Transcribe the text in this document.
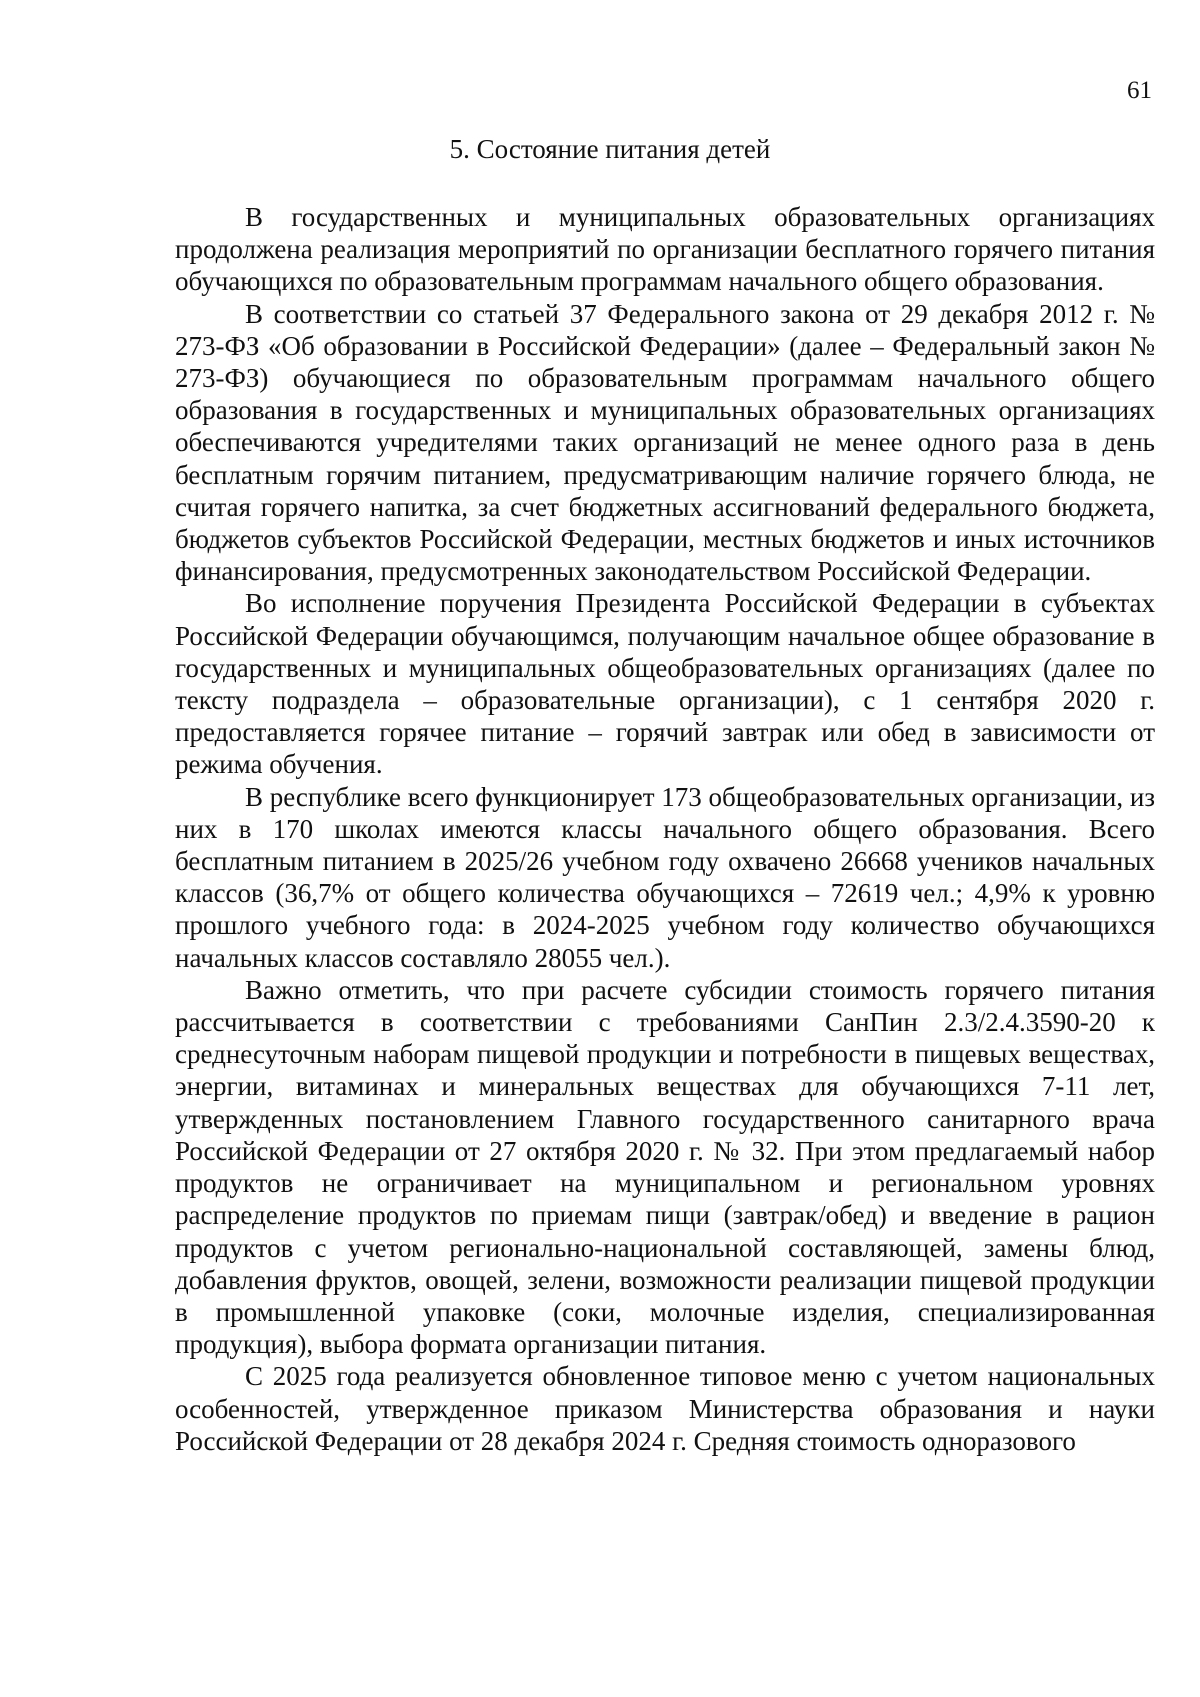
61
5. Состояние питания детей

В государственных и муниципальных образовательных организациях продолжена реализация мероприятий по организации бесплатного горячего питания обучающихся по образовательным программам начального общего образования.

В соответствии со статьей 37 Федерального закона от 29 декабря 2012 г. № 273-ФЗ «Об образовании в Российской Федерации» (далее – Федеральный закон № 273-ФЗ) обучающиеся по образовательным программам начального общего образования в государственных и муниципальных образовательных организациях обеспечиваются учредителями таких организаций не менее одного раза в день бесплатным горячим питанием, предусматривающим наличие горячего блюда, не считая горячего напитка, за счет бюджетных ассигнований федерального бюджета, бюджетов субъектов Российской Федерации, местных бюджетов и иных источников финансирования, предусмотренных законодательством Российской Федерации.

Во исполнение поручения Президента Российской Федерации в субъектах Российской Федерации обучающимся, получающим начальное общее образование в государственных и муниципальных общеобразовательных организациях (далее по тексту подраздела – образовательные организации), с 1 сентября 2020 г. предоставляется горячее питание – горячий завтрак или обед в зависимости от режима обучения.

В республике всего функционирует 173 общеобразовательных организации, из них в 170 школах имеются классы начального общего образования. Всего бесплатным питанием в 2025/26 учебном году охвачено 26668 учеников начальных классов (36,7% от общего количества обучающихся – 72619 чел.; 4,9% к уровню прошлого учебного года: в 2024-2025 учебном году количество обучающихся начальных классов составляло 28055 чел.).

Важно отметить, что при расчете субсидии стоимость горячего питания рассчитывается в соответствии с требованиями СанПин 2.3/2.4.3590-20 к среднесуточным наборам пищевой продукции и потребности в пищевых веществах, энергии, витаминах и минеральных веществах для обучающихся 7-11 лет, утвержденных постановлением Главного государственного санитарного врача Российской Федерации от 27 октября 2020 г. № 32. При этом предлагаемый набор продуктов не ограничивает на муниципальном и региональном уровнях распределение продуктов по приемам пищи (завтрак/обед) и введение в рацион продуктов с учетом регионально-национальной составляющей, замены блюд, добавления фруктов, овощей, зелени, возможности реализации пищевой продукции в промышленной упаковке (соки, молочные изделия, специализированная продукция), выбора формата организации питания.

С 2025 года реализуется обновленное типовое меню с учетом национальных особенностей, утвержденное приказом Министерства образования и науки Российской Федерации от 28 декабря 2024 г. Средняя стоимость одноразового
